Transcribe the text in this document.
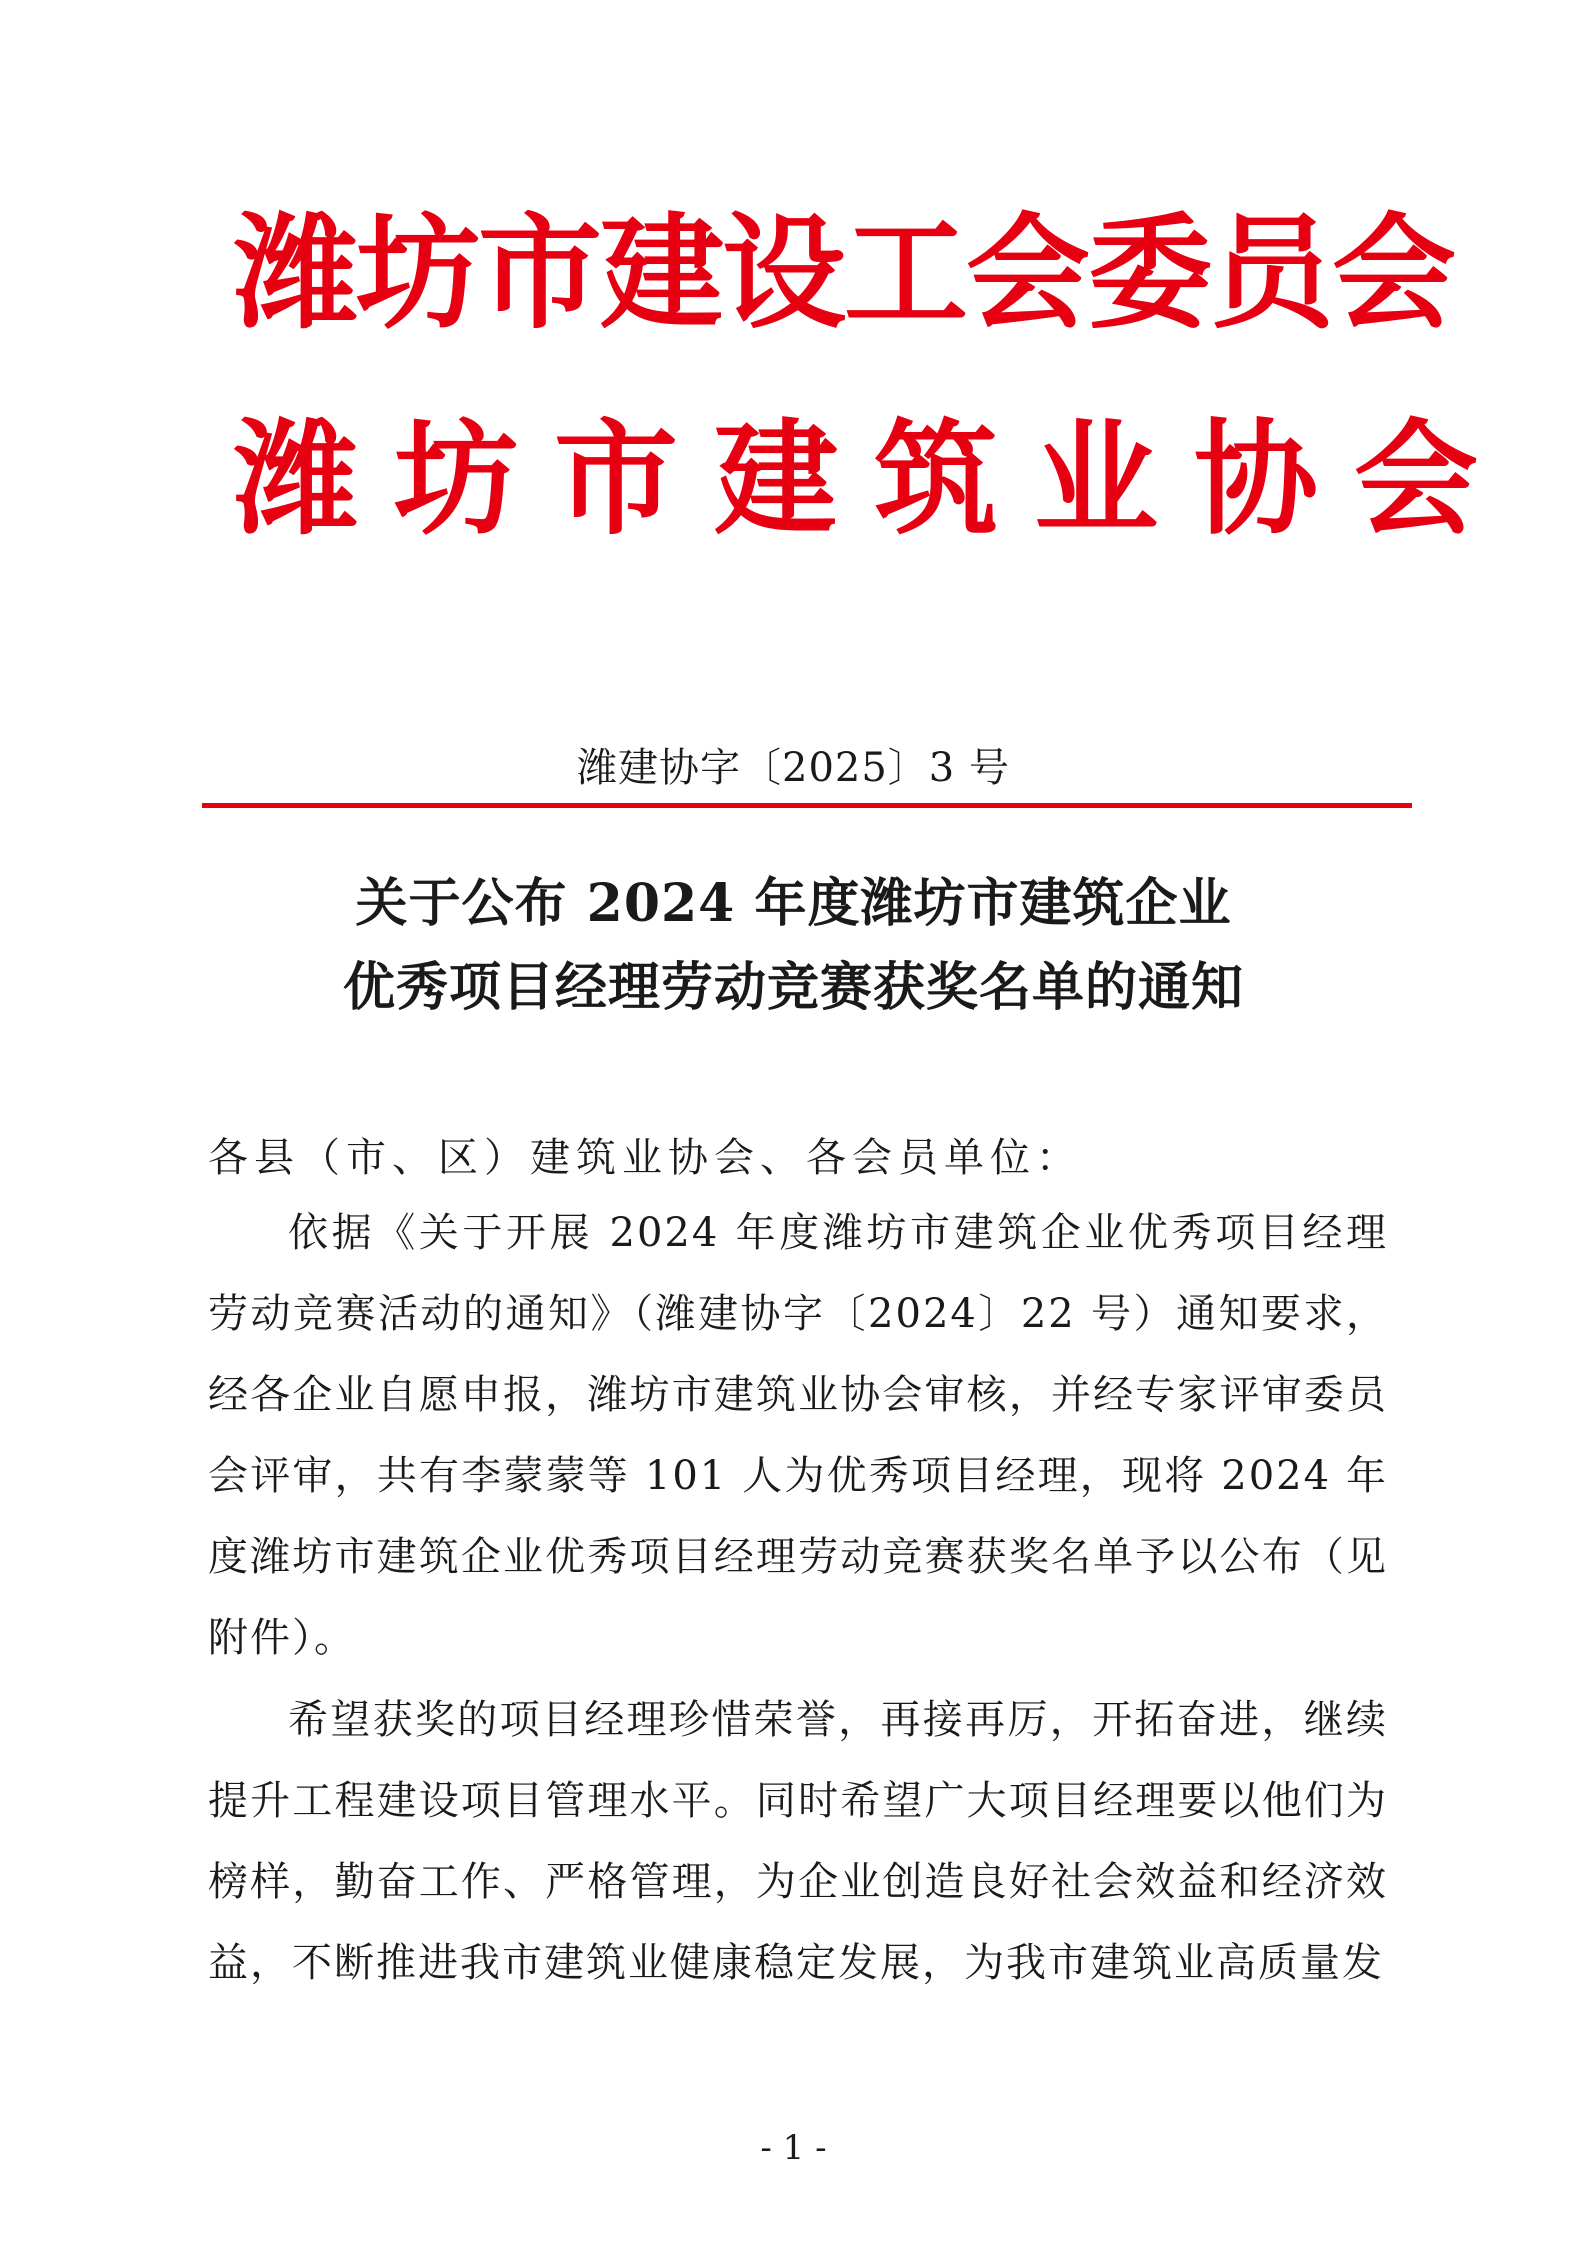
潍坊市建设工会委员会
潍坊市建筑业协会
潍建协字〔2025〕3 号
关于公布 2024 年度潍坊市建筑企业
优秀项目经理劳动竞赛获奖名单的通知
各县（市、区）建筑业协会、各会员单位：
依据《关于开展 2024 年度潍坊市建筑企业优秀项目经理劳动竞赛活动的通知》（潍建协字〔2024〕22 号）通知要求，经各企业自愿申报，潍坊市建筑业协会审核，并经专家评审委员会评审，共有李蒙蒙等 101 人为优秀项目经理，现将 2024 年度潍坊市建筑企业优秀项目经理劳动竞赛获奖名单予以公布（见附件）。
希望获奖的项目经理珍惜荣誉，再接再厉，开拓奋进，继续提升工程建设项目管理水平。同时希望广大项目经理要以他们为榜样，勤奋工作、严格管理，为企业创造良好社会效益和经济效益，不断推进我市建筑业健康稳定发展，为我市建筑业高质量发
- 1 -
